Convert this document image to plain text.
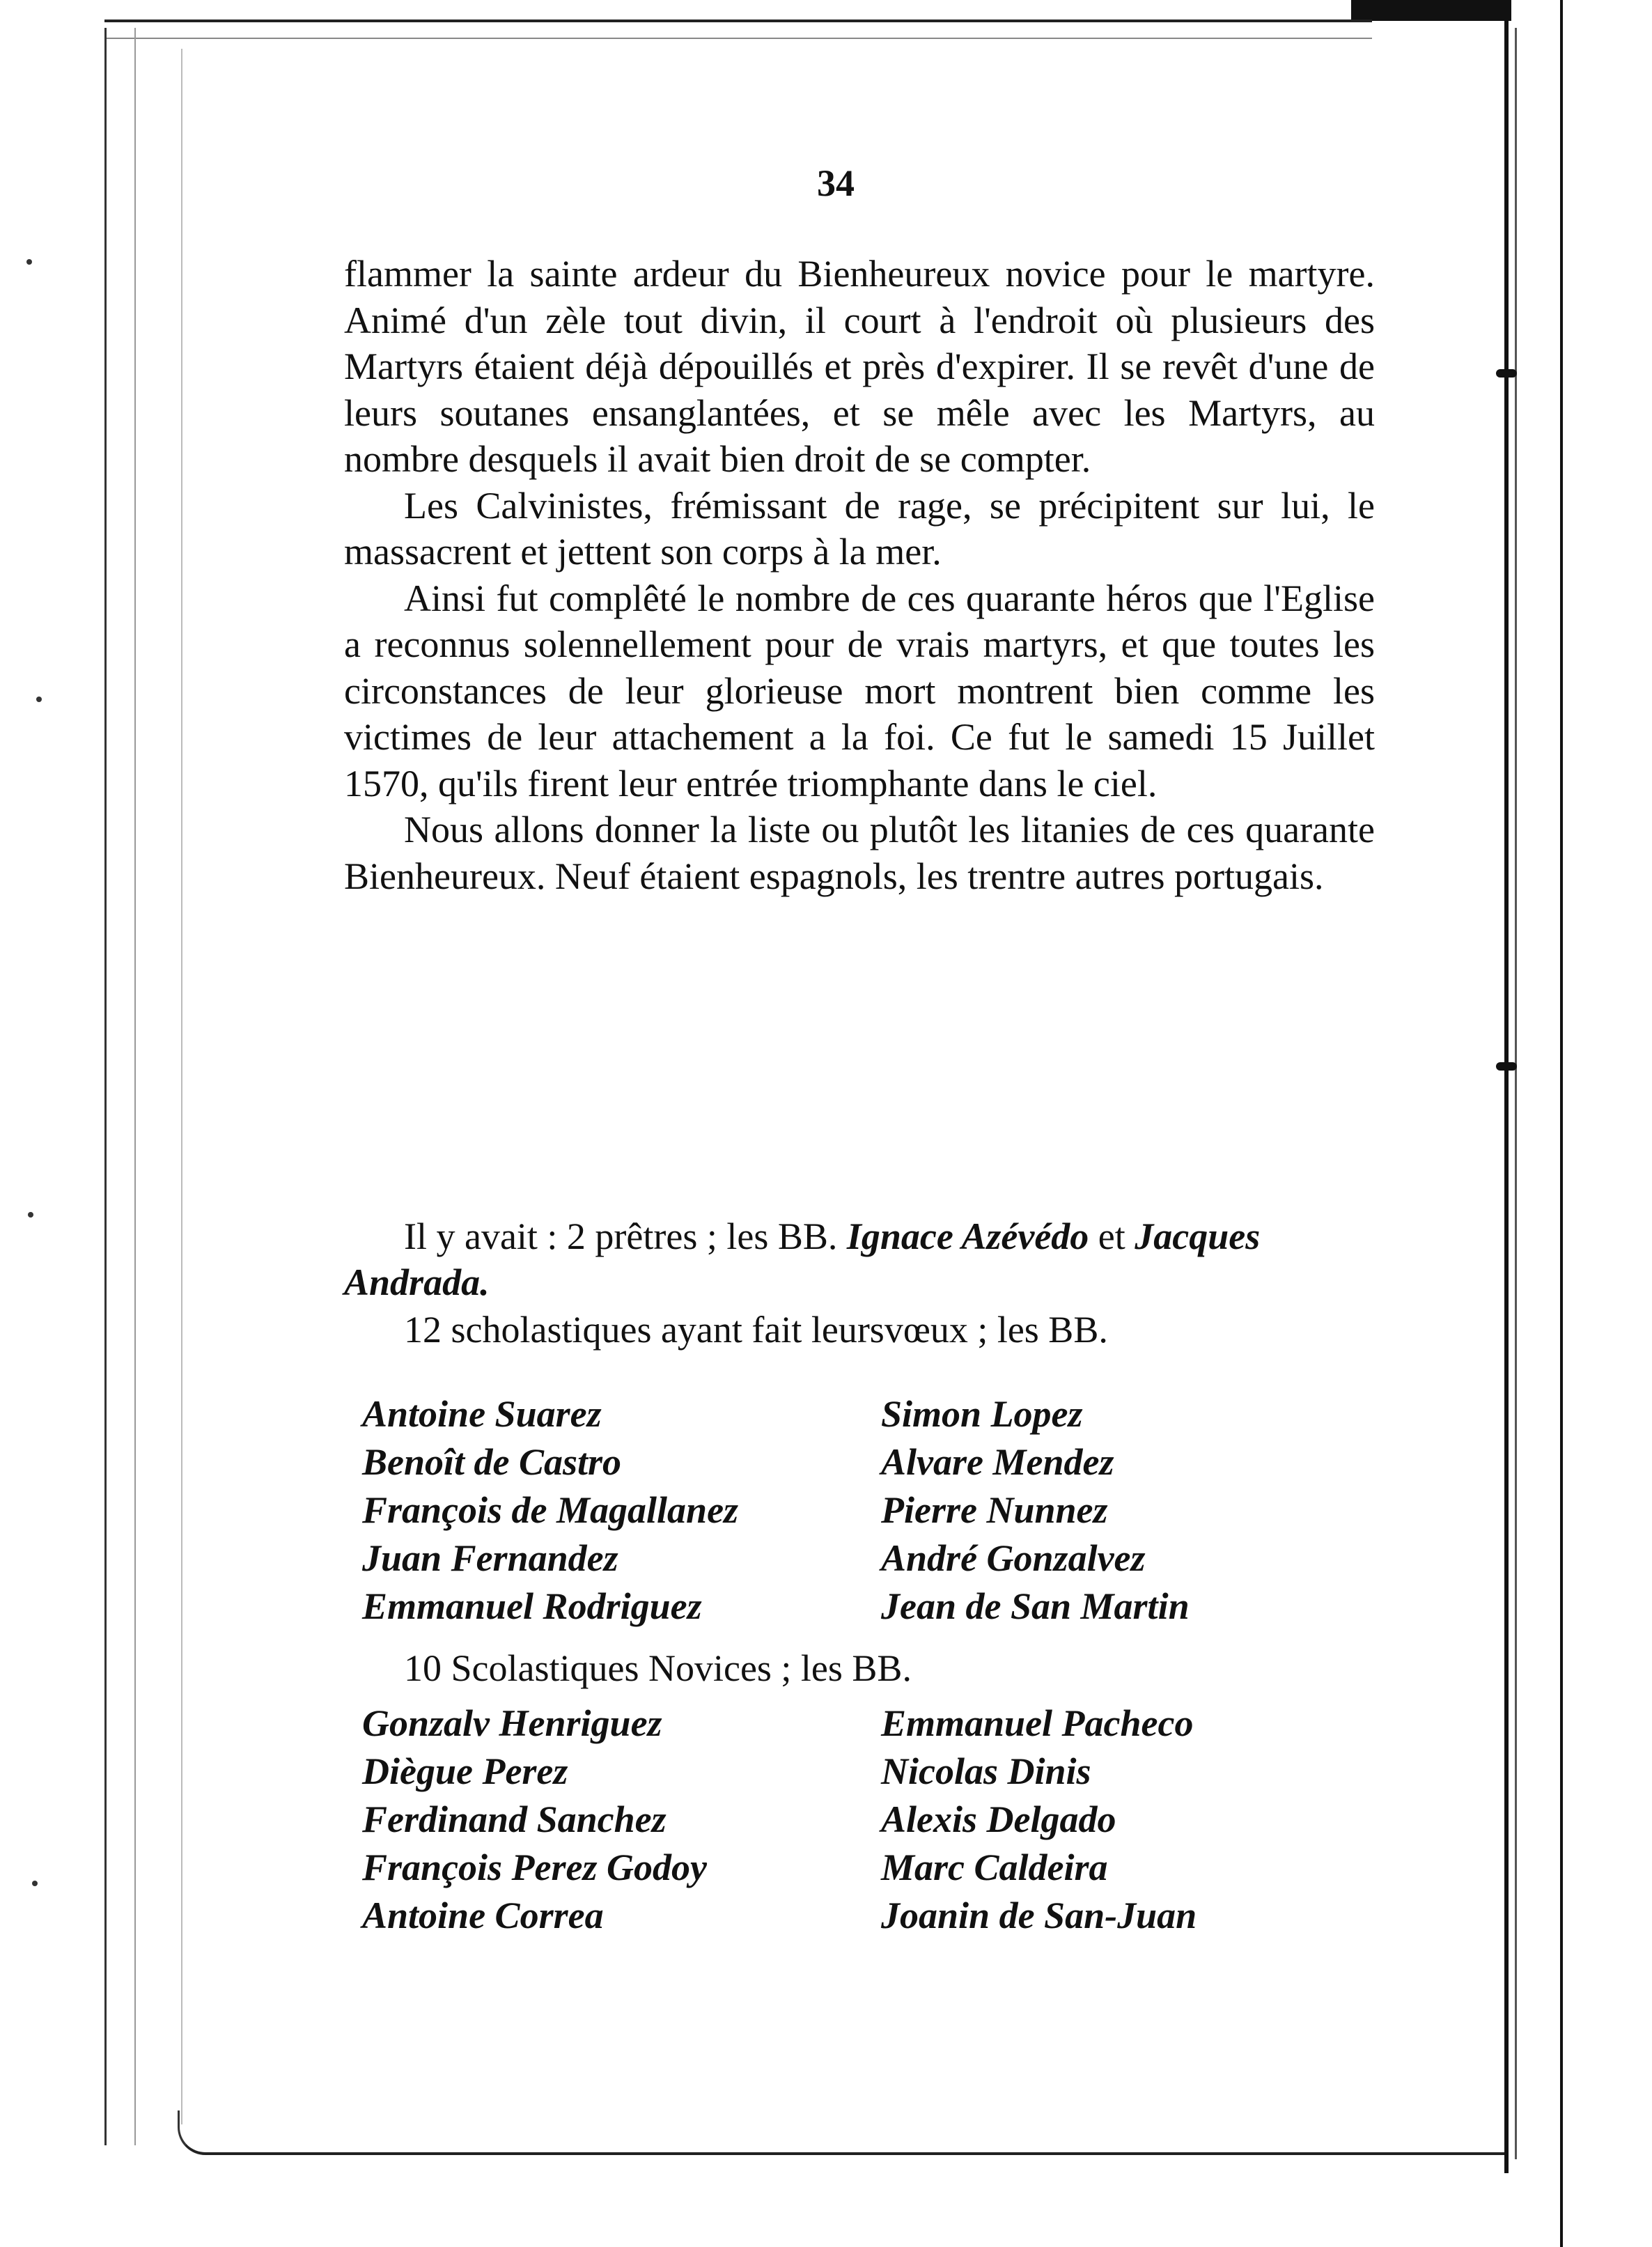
34

flammer la sainte ardeur du Bienheureux novice pour le martyre. Animé d'un zèle tout divin, il court à l'endroit où plusieurs des Martyrs étaient déjà dépouillés et près d'expirer. Il se revêt d'une de leurs soutanes ensanglantées, et se mêle avec les Martyrs, au nombre desquels il avait bien droit de se compter.

Les Calvinistes, frémissant de rage, se précipitent sur lui, le massacrent et jettent son corps à la mer.

Ainsi fut complêté le nombre de ces quarante héros que l'Eglise a reconnus solennellement pour de vrais martyrs, et que toutes les circonstances de leur glorieuse mort montrent bien comme les victimes de leur attachement a la foi. Ce fut le samedi 15 Juillet 1570, qu'ils firent leur entrée triomphante dans le ciel.

Nous allons donner la liste ou plutôt les litanies de ces quarante Bienheureux. Neuf étaient espagnols, les trentre autres portugais.

Il y avait : 2 prêtres ; les BB. Ignace Azévédo et Jacques Andrada.

12 scholastiques ayant fait leursvœux ; les BB.

Antoine Suarez
Benoît de Castro
François de Magallanez
Juan Fernandez
Emmanuel Rodriguez
Simon Lopez
Alvare Mendez
Pierre Nunnez
André Gonzalvez
Jean de San Martin

10 Scolastiques Novices ; les BB.

Gonzalv Henriguez
Diègue Perez
Ferdinand Sanchez
François Perez Godoy
Antoine Correa
Emmanuel Pacheco
Nicolas Dinis
Alexis Delgado
Marc Caldeira
Joanin de San-Juan
